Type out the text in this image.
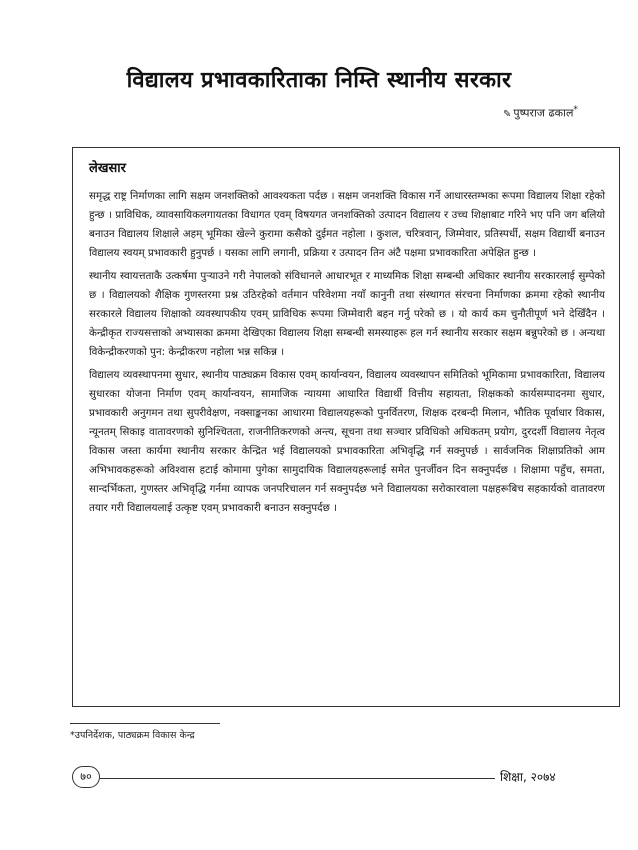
विद्यालय प्रभावकारिताका निम्ति स्थानीय सरकार
✎ पुष्पराज ढकाल*
लेखसार

समृद्ध राष्ट्र निर्माणका लागि सक्षम जनशक्तिको आवश्यकता पर्दछ । सक्षम जनशक्ति विकास गर्ने आधारस्तम्भका रूपमा विद्यालय शिक्षा रहेको हुन्छ । प्राविधिक, व्यावसायिकलगायतका विधागत एवम् विषयगत जनशक्तिको उत्पादन विद्यालय र उच्च शिक्षाबाट गरिने भए पनि जग बलियो बनाउन विद्यालय शिक्षाले अहम् भूमिका खेल्ने कुरामा कसैको दुईमत नहोला । कुशल, चरित्रवान्, जिम्मेवार, प्रतिस्पर्धी, सक्षम विद्यार्थी बनाउन विद्यालय स्वयम् प्रभावकारी हुनुपर्छ । यसका लागि लगानी, प्रक्रिया र उत्पादन तिन अंटै पक्षमा प्रभावकारिता अपेक्षित हुन्छ ।

स्थानीय स्वायत्तताकै उत्कर्षमा पुऱ्याउने गरी नेपालको संविधानले आधारभूत र माध्यमिक शिक्षा सम्बन्धी अधिकार स्थानीय सरकारलाई सुम्पेको छ । विद्यालयको शैक्षिक गुणस्तरमा प्रश्न उठिरहेको वर्तमान परिवेशमा नयाँ कानुनी तथा संस्थागत संरचना निर्माणका क्रममा रहेको स्थानीय सरकारले विद्यालय शिक्षाको व्यवस्थापकीय एवम् प्राविधिक रूपमा जिम्मेवारी बहन गर्नु परेको छ । यो कार्य कम चुनौतीपूर्ण भने देखिँदैन । केन्द्रीकृत राज्यसत्ताको अभ्यासका क्रममा देखिएका विद्यालय शिक्षा सम्बन्धी समस्याहरू हल गर्न स्थानीय सरकार सक्षम बन्नुपरेको छ । अन्यथा विकेन्द्रीकरणको पुन: केन्द्रीकरण नहोला भन्न सकिन्न ।

विद्यालय व्यवस्थापनमा सुधार, स्थानीय पाठ्यक्रम विकास एवम् कार्यान्वयन, विद्यालय व्यवस्थापन समितिको भूमिकामा प्रभावकारिता, विद्यालय सुधारका योजना निर्माण एवम् कार्यान्वयन, सामाजिक न्यायमा आधारित विद्यार्थी वित्तीय सहायता, शिक्षककाे कार्यसम्पादनमा सुधार, प्रभावकारी अनुगमन तथा सुपरीवेक्षण, नक्साङ्कनका आधारमा विद्यालयहरूको पुनर्वितरण, शिक्षक दरबन्दी मिलान, भौतिक पूर्वाधार विकास, न्यूनतम् सिकाइ वातावरणको सुनिश्चितता, राजनीतिकरणको अन्त्य, सूचना तथा सञ्चार प्रविधिको अधिकतम् प्रयोग, दुरदर्शी विद्यालय नेतृत्व विकास जस्ता कार्यमा स्थानीय सरकार केन्द्रित भई विद्यालयको प्रभावकारिता अभिवृद्धि गर्न सक्नुपर्छ । सार्वजनिक शिक्षाप्रतिको आम अभिभावकहरूको अविश्वास हटाई कोमामा पुगेका सामुदायिक विद्यालयहरूलाई समेत पुनर्जीवन दिन सक्नुपर्दछ । शिक्षामा पहुँच, समता, सान्दर्भिकता, गुणस्तर अभिवृद्धि गर्नमा व्यापक जनपरिचालन गर्न सक्नुपर्दछ भने विद्यालयका सरोकारवाला पक्षहरूबिच सहकार्यको वातावरण तयार गरी विद्यालयलाई उत्कृष्ट एवम् प्रभावकारी बनाउन सक्नुपर्दछ ।

*उपनिर्देशक, पाठ्यक्रम विकास केन्द्र
७०	शिक्षा, २०७४
